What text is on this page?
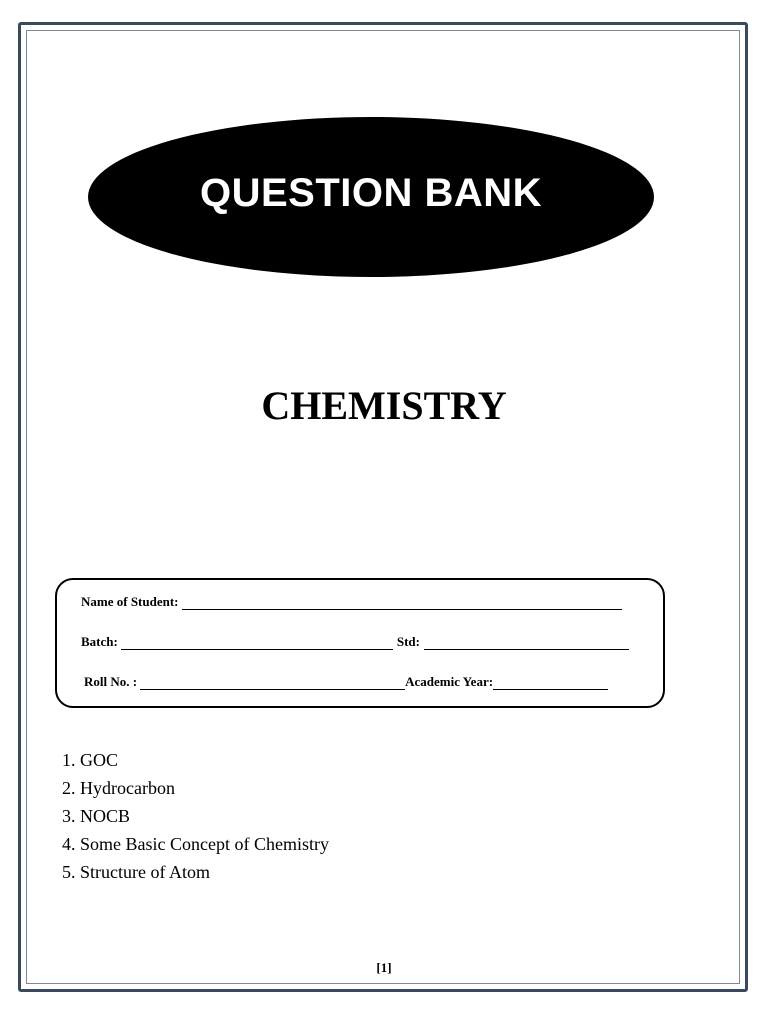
QUESTION BANK
CHEMISTRY
Name of Student:
Batch:	Std:
Roll No. :	Academic Year:
1. GOC
2. Hydrocarbon
3. NOCB
4. Some Basic Concept of Chemistry
5. Structure of Atom
[1]
